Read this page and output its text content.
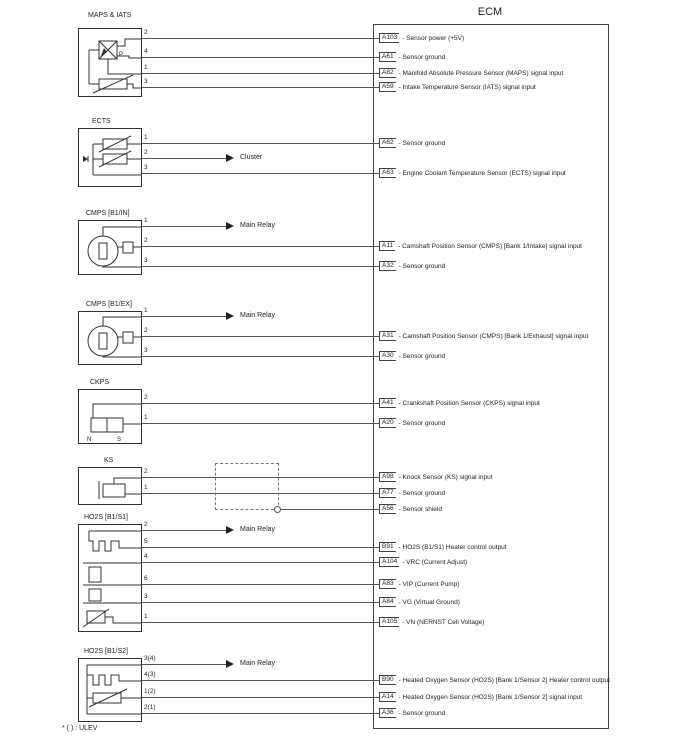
ECM
Cluster
Main Relay
Main Relay
Main Relay
Main Relay
A103 - Sensor power (+5V)
A61 - Sensor ground
A82 - Manifold Absolute Pressure Sensor (MAPS) signal input
A59 - Intake Temperature Sensor (IATS) signal input
A62 - Sensor ground
A63 - Engine Coolant Temperature Sensor (ECTS) signal input
A11 - Camshaft Position Sensor (CMPS) [Bank 1/Intake] signal input
A32 - Sensor ground
A31 - Camshaft Position Sensor (CMPS) [Bank 1/Exhaust] signal input
A30 - Sensor ground
A41 - Crankshaft Position Sensor (CKPS) signal input
A20 - Sensor ground
A98 - Knock Sensor (KS) signal input
A77 - Sensor ground
A56 - Sensor shield
B91 - HO2S (B1/S1) Heater control output
A104 - VRC (Current Adjust)
A83 - VIP (Current Pump)
A84 - VG (Virtual Ground)
A105 - VN (NERNST Cell Voltage)
B90 - Heated Oxygen Sensor (HO2S) [Bank 1/Sensor 2] Heater control output
A14 - Heated Oxygen Sensor (HO2S) [Bank 1/Sensor 2] signal input
A36 - Sensor ground
MAPS & IATS
ECTS
CMPS [B1/IN]
CMPS [B1/EX]
CKPS
KS
HO2S [B1/S1]
HO2S [B1/S2]
P
N	S
2
4
1
3
1
2
3
1
2
3
1
2
3
2
1
2
1
2
5
4
6
3
1
3(4)
4(3)
1(2)
2(1)
* ( ) : ULEV
